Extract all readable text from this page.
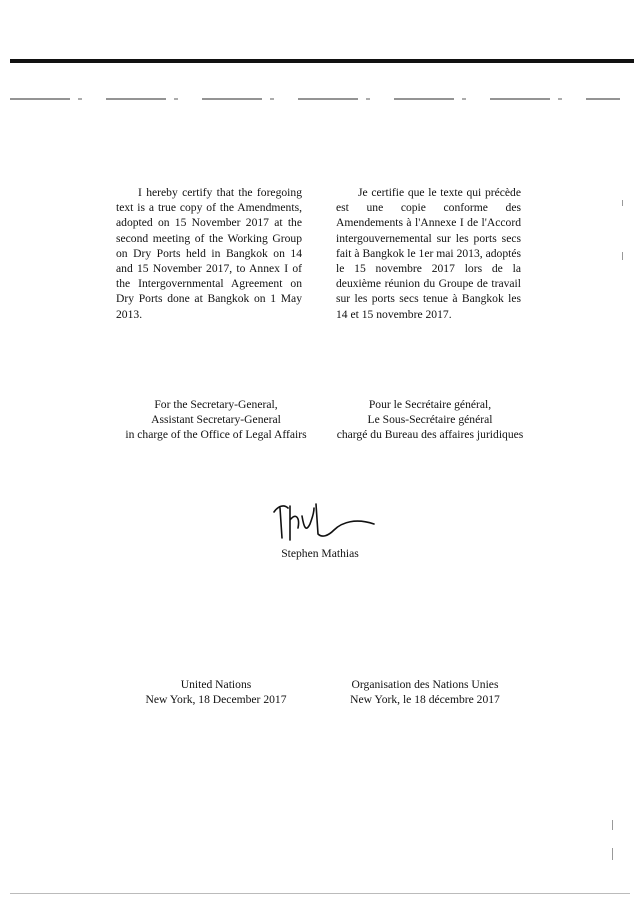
I hereby certify that the foregoing text is a true copy of the Amendments, adopted on 15 November 2017 at the second meeting of the Working Group on Dry Ports held in Bangkok on 14 and 15 November 2017, to Annex I of the Intergovernmental Agreement on Dry Ports done at Bangkok on 1 May 2013.

Je certifie que le texte qui précède est une copie conforme des Amendements à l'Annexe I de l'Accord intergouvernemental sur les ports secs fait à Bangkok le 1er mai 2013, adoptés le 15 novembre 2017 lors de la deuxième réunion du Groupe de travail sur les ports secs tenue à Bangkok les 14 et 15 novembre 2017.

For the Secretary-General,
Assistant Secretary-General
in charge of the Office of Legal Affairs
Pour le Secrétaire général,
Le Sous-Secrétaire général
chargé du Bureau des affaires juridiques
Stephen Mathias
United Nations
New York, 18 December 2017
Organisation des Nations Unies
New York, le 18 décembre 2017
